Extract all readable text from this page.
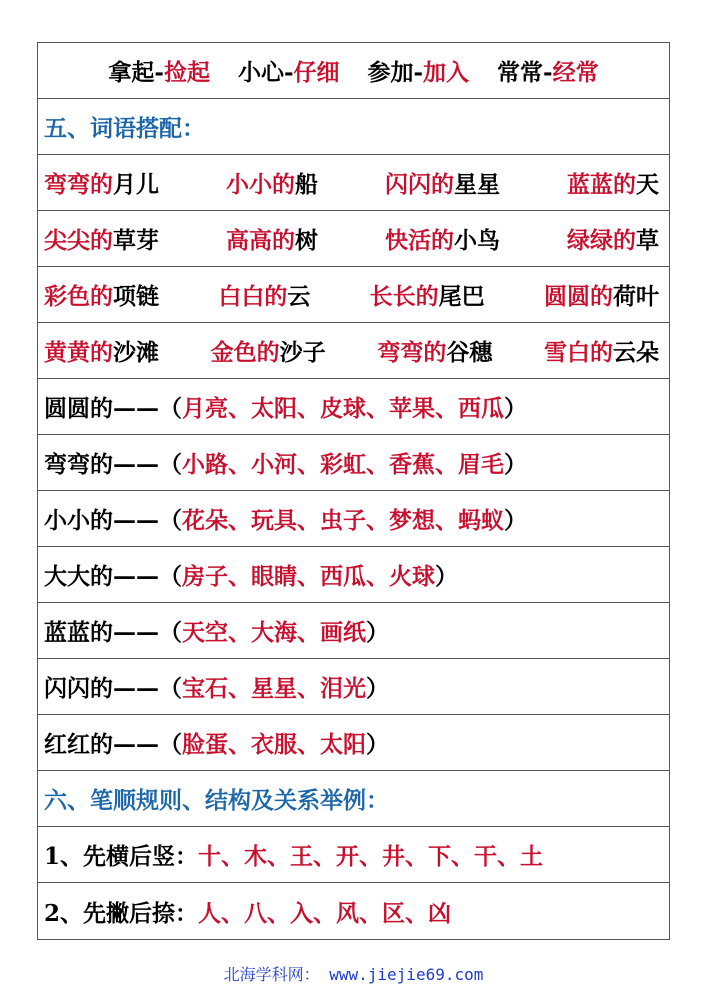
拿起-捡起 小心-仔细 参加-加入 常常-经常
五、词语搭配：
弯弯的月儿	小小的船	闪闪的星星	蓝蓝的天
尖尖的草芽	高高的树	快活的小鸟	绿绿的草
彩色的项链	白白的云	长长的尾巴	圆圆的荷叶
黄黄的沙滩 金色的沙子 弯弯的谷穗 雪白的云朵
圆圆的——（ 月亮、太阳、皮球、苹果、西瓜 ）
弯弯的——（ 小路、小河、彩虹、香蕉、眉毛 ）
小小的——（ 花朵、玩具、虫子、梦想、蚂蚁 ）
大大的——（ 房子、眼睛、西瓜、火球 ）
蓝蓝的——（ 天空、大海、画纸 ）
闪闪的——（ 宝石、星星、泪光 ）
红红的——（ 脸蛋、衣服、太阳 ）
六、笔顺规则、结构及关系举例：
1、先横后竖： 十、木、王、开、井、下、干、土
2、先撇后捺： 人、八、入、风、区、凶
北海学科网： www.jiejie69.com
